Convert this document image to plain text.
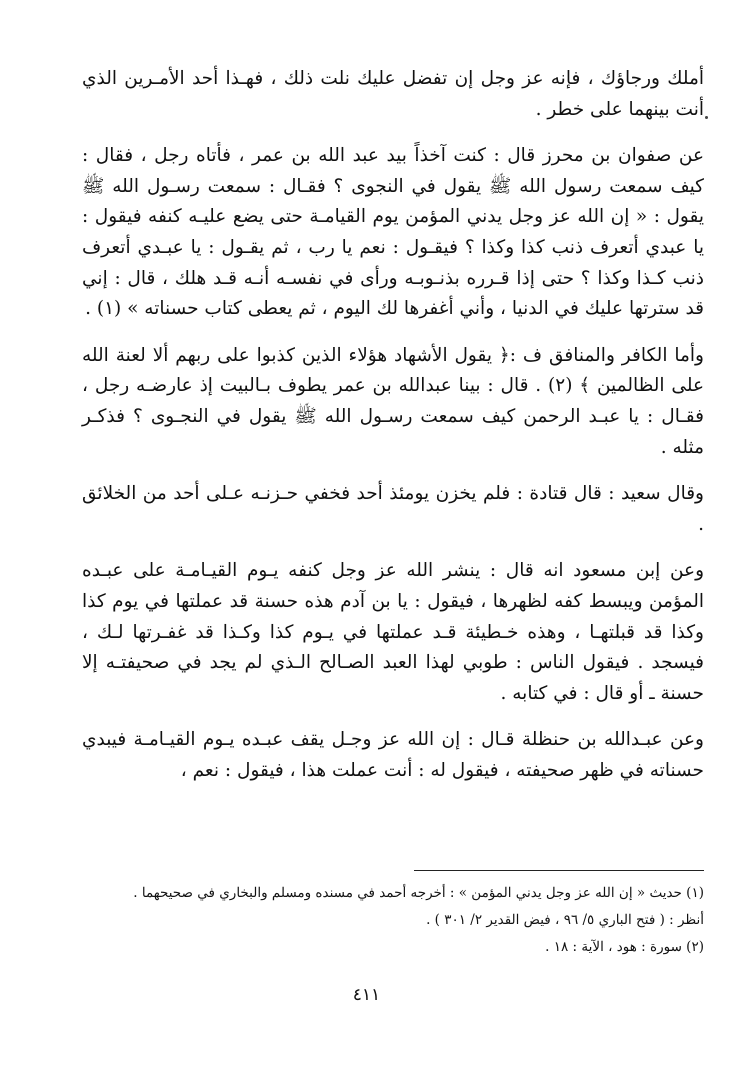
أملك ورجاؤك ، فإنه عز وجل إن تفضل عليك نلت ذلك ، فهـذا أحد الأمـرين الذي أنت بينهما على خطر .

عن صفوان بن محرز قال : كنت آخذاً بيد عبد الله بن عمر ، فأتاه رجل ، فقال : كيف سمعت رسول الله ﷺ يقول في النجوى ؟ فقـال : سمعت رسـول الله ﷺ يقول : « إن الله عز وجل يدني المؤمن يوم القيامـة حتى يضع عليـه كنفه فيقول : يا عبدي أتعرف ذنب كذا وكذا ؟ فيقـول : نعم يا رب ، ثم يقـول : يا عبـدي أتعرف ذنب كـذا وكذا ؟ حتى إذا قـرره بذنـوبـه ورأى في نفسـه أنـه قـد هلك ، قال : إني قد سترتها عليك في الدنيا ، وأني أغفرها لك اليوم ، ثم يعطى كتاب حسناته » (١) .

وأما الكافر والمنافق ف :﴿ يقول الأشهاد هؤلاء الذين كذبوا على ربهم ألا لعنة الله على الظالمين ﴾ (٢) . قال : بينا عبدالله بن عمر يطوف بـالبيت إذ عارضـه رجل ، فقـال : يا عبـد الرحمن كيف سمعت رسـول الله ﷺ يقول في النجـوى ؟ فذكـر مثله .

وقال سعيد : قال قتادة : فلم يخزن يومئذ أحد فخفي حـزنـه عـلى أحد من الخلائق .

وعن إبن مسعود انه قال : ينشر الله عز وجل كنفه يـوم القيـامـة على عبـده المؤمن ويبسط كفه لظهرها ، فيقول : يا بن آدم هذه حسنة قد عملتها في يوم كذا وكذا قد قبلتهـا ، وهذه خـطيئة قـد عملتها في يـوم كذا وكـذا قد غفـرتها لـك ، فيسجد . فيقول الناس : طوبي لهذا العبد الصـالح الـذي لم يجد في صحيفتـه إلا حسنة ـ أو قال : في كتابه .

وعن عبـدالله بن حنظلة قـال : إن الله عز وجـل يقف عبـده يـوم القيـامـة فيبدي حسناته في ظهر صحيفته ، فيقول له : أنت عملت هذا ، فيقول : نعم ،

(١) حديث « إن الله عز وجل يدني المؤمن » : أخرجه أحمد في مسنده ومسلم والبخاري في صحيحهما .
أنظر : ( فتح الباري ٥/ ٩٦ ، فيض القدير ٢/ ٣٠١ ) .
(٢) سورة : هود ، الآية : ١٨ .
٤١١
